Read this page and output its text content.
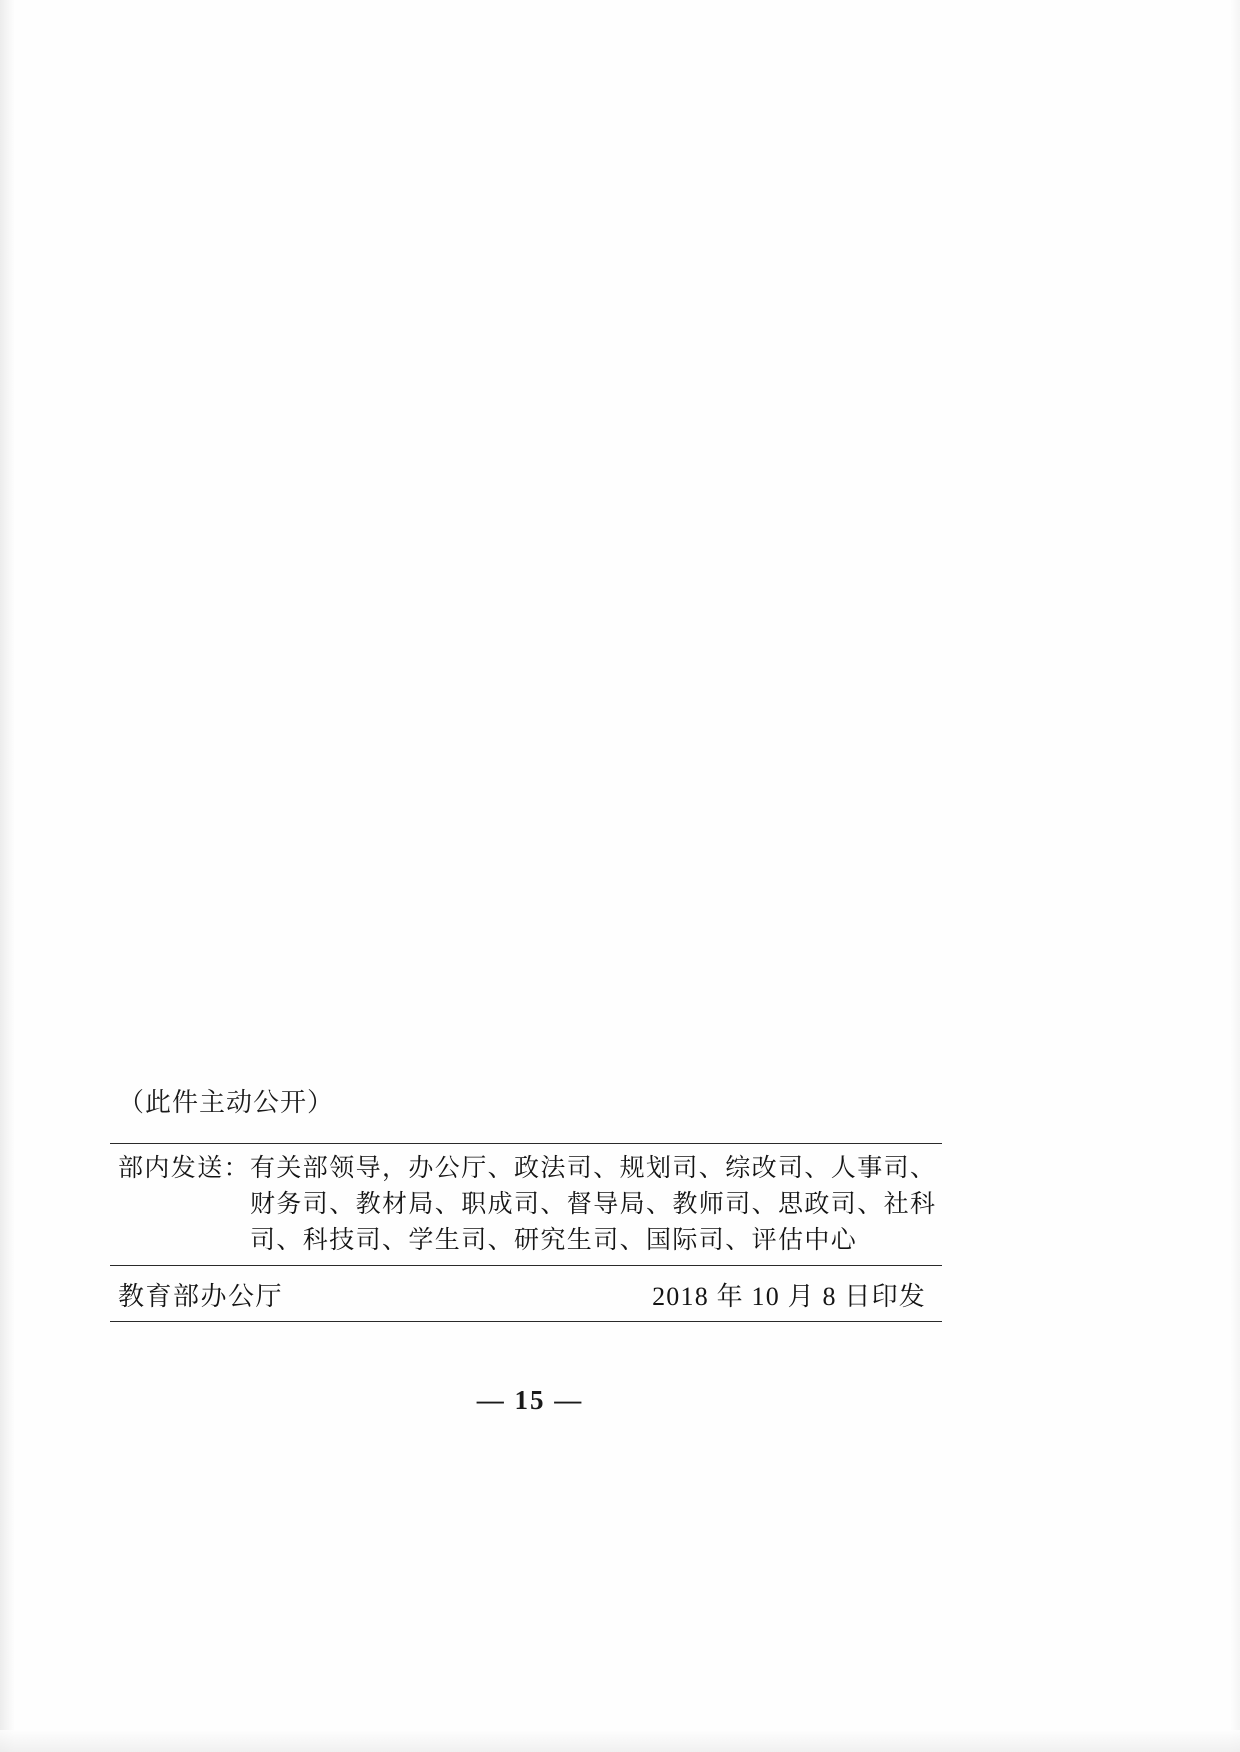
（此件主动公开）
部内发送：有关部领导，办公厅、政法司、规划司、综改司、人事司、
财务司、教材局、职成司、督导局、教师司、思政司、社科
司、科技司、学生司、研究生司、国际司、评估中心
教育部办公厅	2018 年 10 月 8 日印发
— 15 —
